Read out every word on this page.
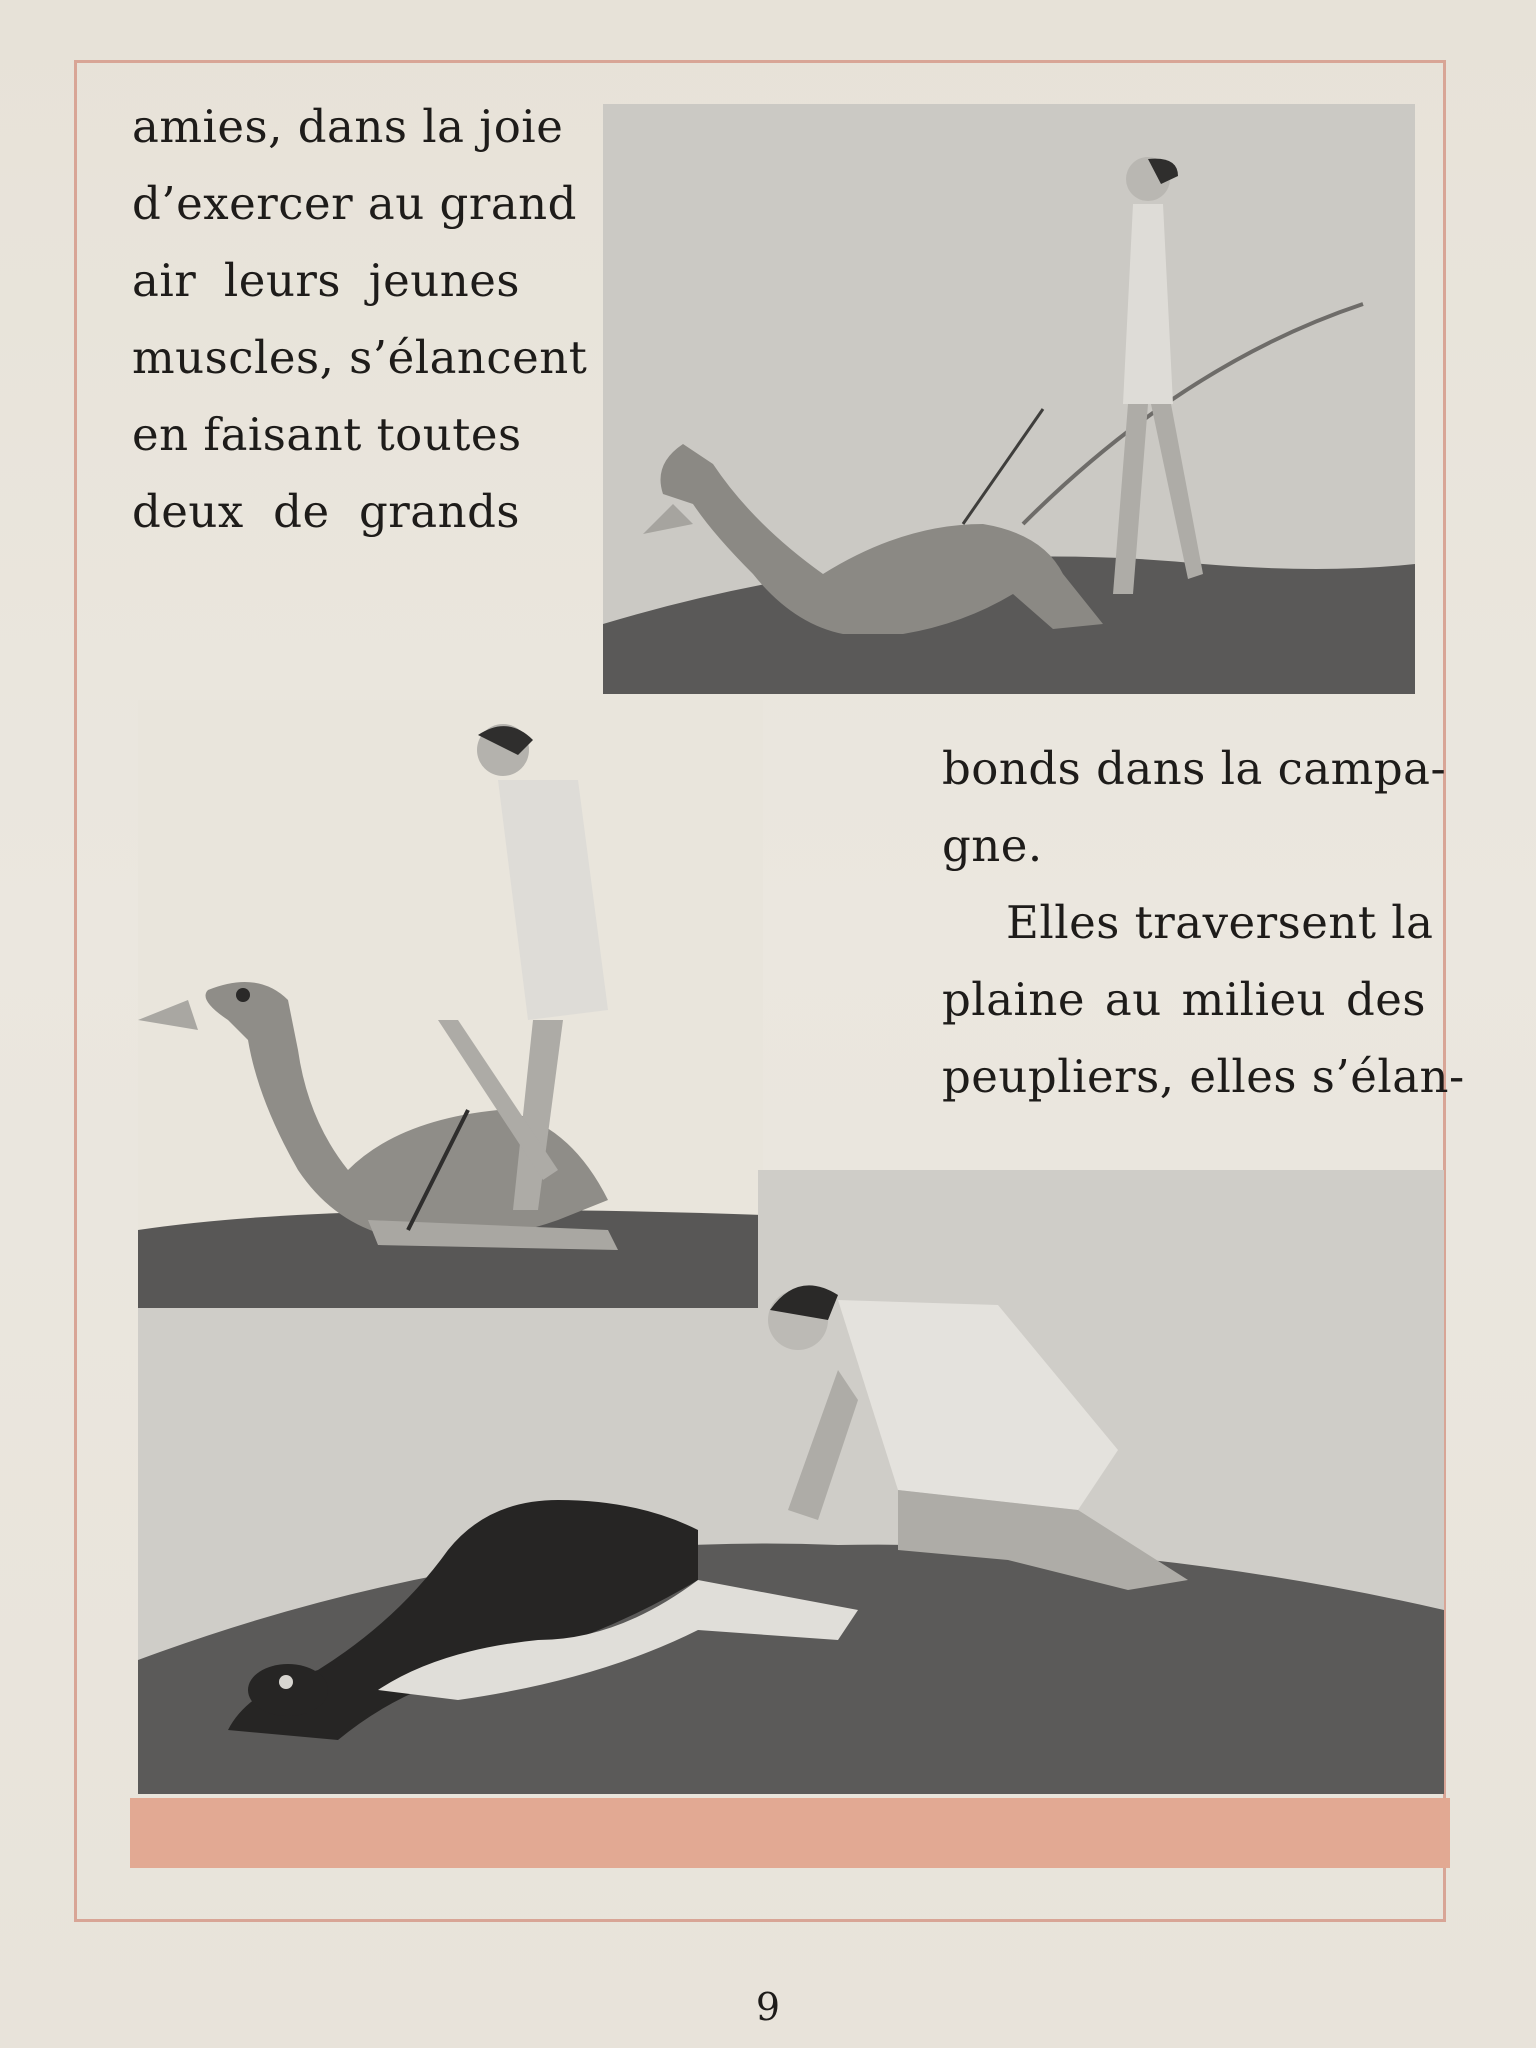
amies, dans la joie
d’exercer au grand
air leurs jeunes
muscles, s’élancent
en faisant toutes
deux de grands
bonds dans la campa-
gne.
Elles traversent la
plaine au milieu des
peupliers, elles s’élan-
9
